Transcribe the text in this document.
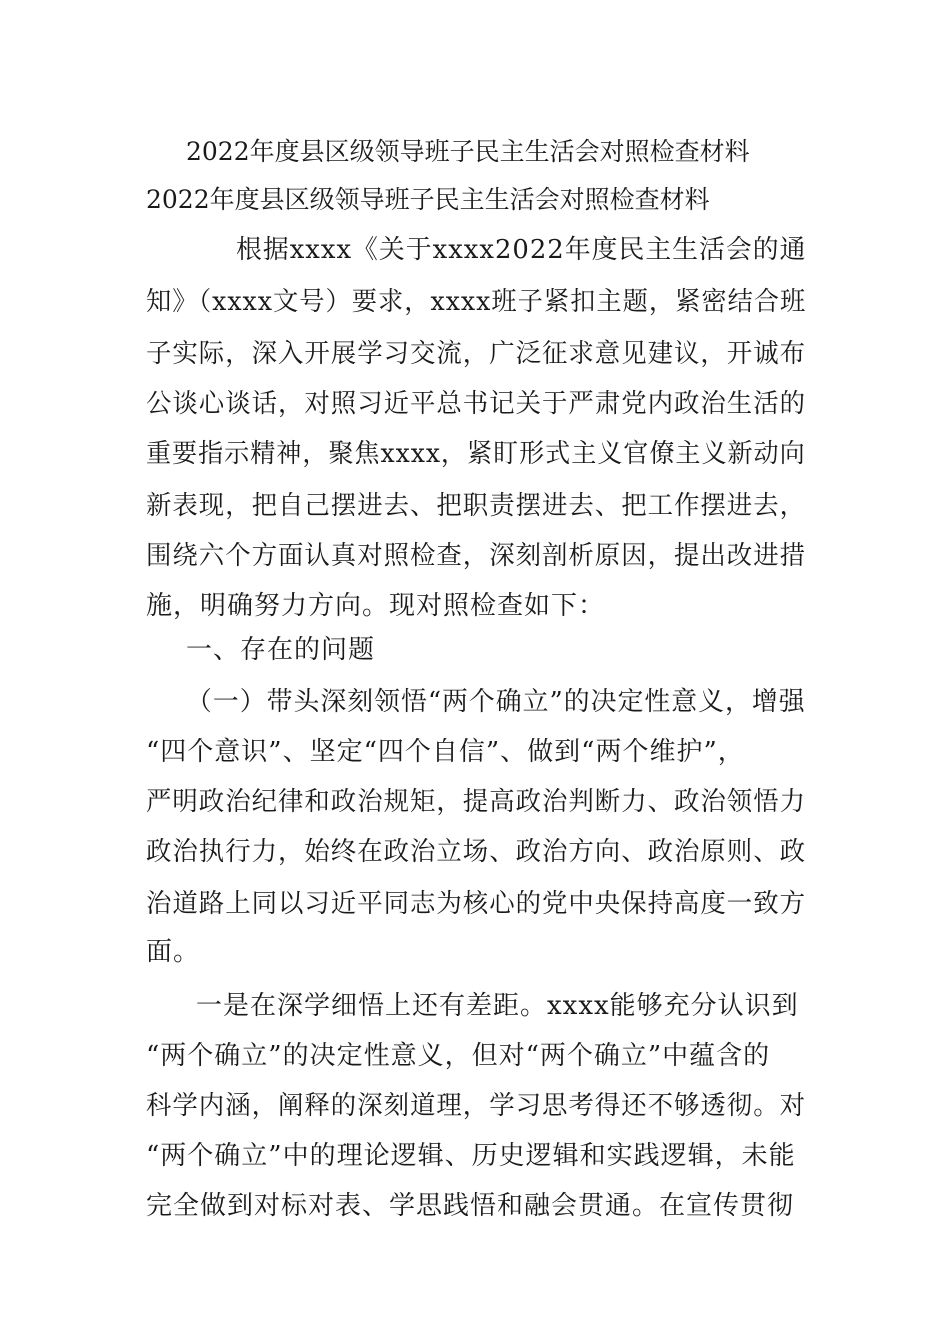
2022年度县区级领导班子民主生活会对照检查材料
2022年度县区级领导班子民主生活会对照检查材料
根据xxxx《关于xxxx2022年度民主生活会的通
知》（xxxx文号）要求，xxxx班子紧扣主题，紧密结合班
子实际，深入开展学习交流，广泛征求意见建议，开诚布
公谈心谈话，对照习近平总书记关于严肃党内政治生活的
重要指示精神，聚焦xxxx，紧盯形式主义官僚主义新动向
新表现，把自己摆进去、把职责摆进去、把工作摆进去，
围绕六个方面认真对照检查，深刻剖析原因，提出改进措
施，明确努力方向。现对照检查如下：
一、存在的问题
（一）带头深刻领悟“两个确立”的决定性意义，增强
“四个意识”、坚定“四个自信”、做到“两个维护”，
严明政治纪律和政治规矩，提高政治判断力、政治领悟力
政治执行力，始终在政治立场、政治方向、政治原则、政
治道路上同以习近平同志为核心的党中央保持高度一致方
面。
一是在深学细悟上还有差距。xxxx能够充分认识到
“两个确立”的决定性意义，但对“两个确立”中蕴含的
科学内涵，阐释的深刻道理，学习思考得还不够透彻。对
“两个确立”中的理论逻辑、历史逻辑和实践逻辑，未能
完全做到对标对表、学思践悟和融会贯通。在宣传贯彻
